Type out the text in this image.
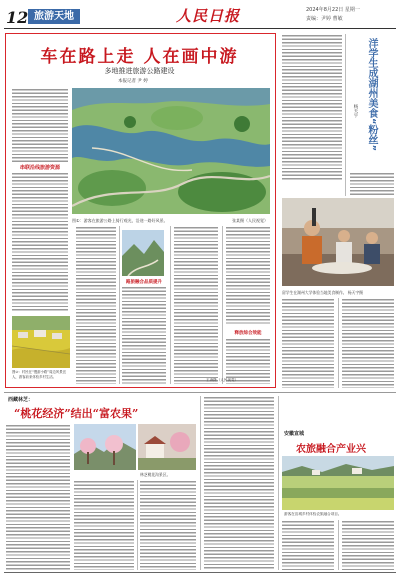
12 旅游天地	人民日报	2024年8月22日 星期一
责编：尹婷 曹敏
车在路上走 人在画中游
多地推进旅游公路建设
本报记者 尹 婷
图①：游客在旅游公路上骑行观光，沿途一路好风景。	张某摄（人民视觉）
串联沿线旅游资源
路旅融合品质提升
释放综合效能
图②：村民在“慢游小路”周边风景宜人，游客前来体验乡村生活。
王涛摄（人民视觉）
洋学生成湖州美食“粉丝”
杨天宇
留学生在湖州大学体验当地美食制作。 杨天宇摄
西藏林芝：
“桃花经济”结出“富农果”
林芝桃花沟景区。
安徽宣城
农旅融合产业兴
游客在宣城乡村体验农旅融合项目。
